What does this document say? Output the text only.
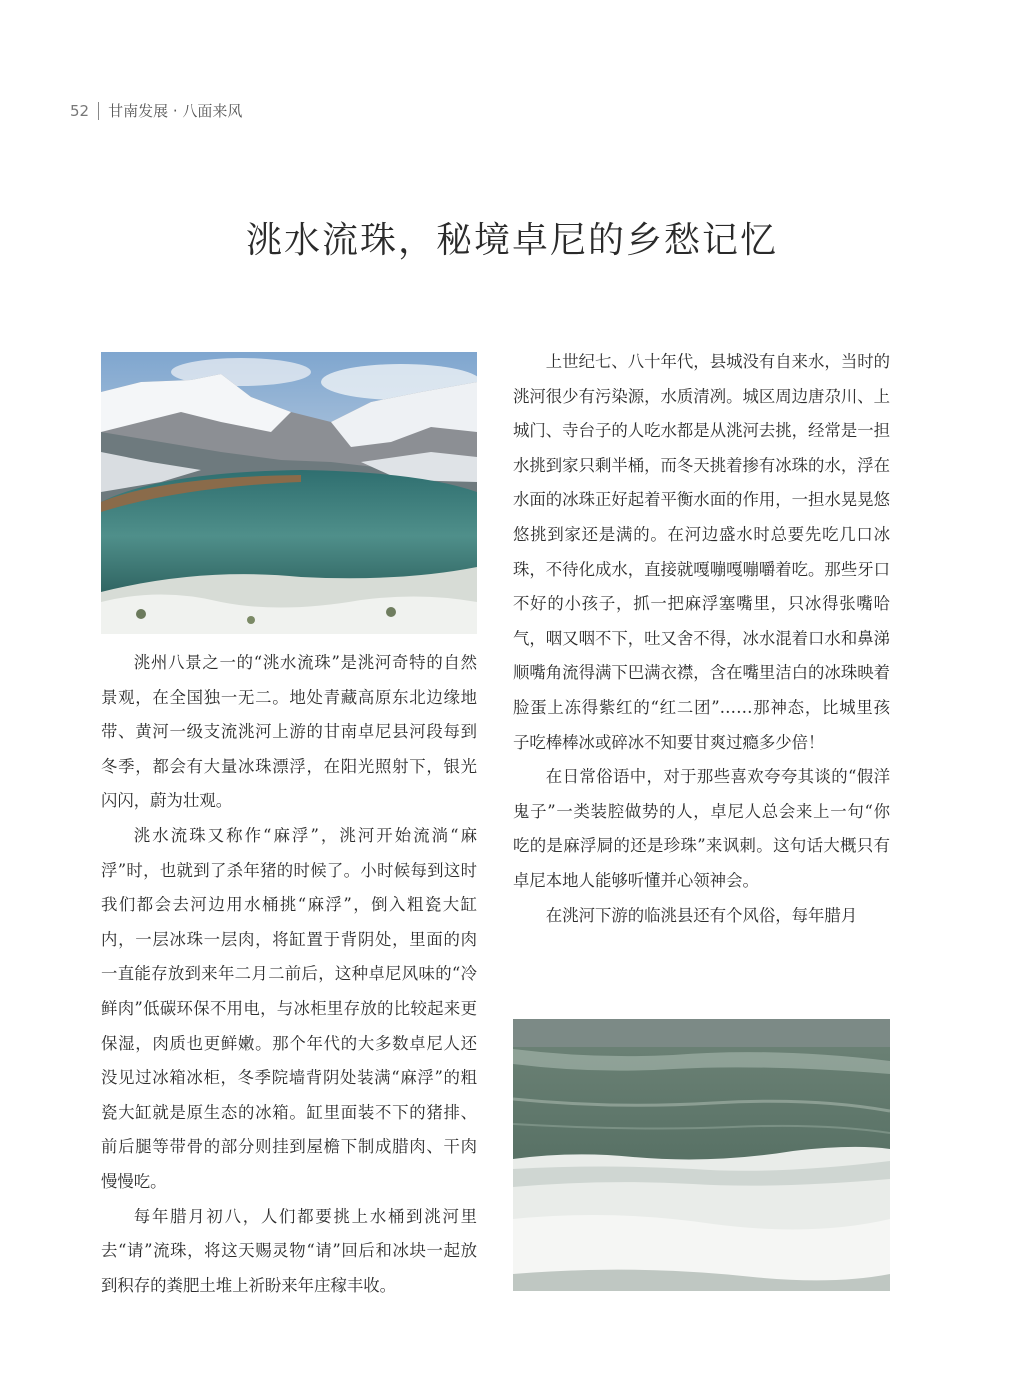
52 甘南发展 · 八面来风
洮水流珠，秘境卓尼的乡愁记忆

洮州八景之一的“洮水流珠”是洮河奇特的自然景观，在全国独一无二。地处青藏高原东北边缘地带、黄河一级支流洮河上游的甘南卓尼县河段每到冬季，都会有大量冰珠漂浮，在阳光照射下，银光闪闪，蔚为壮观。

洮水流珠又称作“麻浮”，洮河开始流淌“麻浮”时，也就到了杀年猪的时候了。小时候每到这时我们都会去河边用水桶挑“麻浮”，倒入粗瓷大缸内，一层冰珠一层肉，将缸置于背阴处，里面的肉一直能存放到来年二月二前后，这种卓尼风味的“冷鲜肉”低碳环保不用电，与冰柜里存放的比较起来更保湿，肉质也更鲜嫩。那个年代的大多数卓尼人还没见过冰箱冰柜，冬季院墙背阴处装满“麻浮”的粗瓷大缸就是原生态的冰箱。缸里面装不下的猪排、前后腿等带骨的部分则挂到屋檐下制成腊肉、干肉慢慢吃。

每年腊月初八，人们都要挑上水桶到洮河里去“请”流珠，将这天赐灵物“请”回后和冰块一起放到积存的粪肥土堆上祈盼来年庄稼丰收。

上世纪七、八十年代，县城没有自来水，当时的洮河很少有污染源，水质清冽。城区周边唐尕川、上城门、寺台子的人吃水都是从洮河去挑，经常是一担水挑到家只剩半桶，而冬天挑着掺有冰珠的水，浮在水面的冰珠正好起着平衡水面的作用，一担水晃晃悠悠挑到家还是满的。在河边盛水时总要先吃几口冰珠，不待化成水，直接就嘎嘣嘎嘣嚼着吃。那些牙口不好的小孩子，抓一把麻浮塞嘴里，只冰得张嘴哈气，咽又咽不下，吐又舍不得，冰水混着口水和鼻涕顺嘴角流得满下巴满衣襟，含在嘴里洁白的冰珠映着脸蛋上冻得紫红的“红二团”……那神态，比城里孩子吃棒棒冰或碎冰不知要甘爽过瘾多少倍！

在日常俗语中，对于那些喜欢夸夸其谈的“假洋鬼子”一类装腔做势的人，卓尼人总会来上一句“你吃的是麻浮屙的还是珍珠”来讽刺。这句话大概只有卓尼本地人能够听懂并心领神会。

在洮河下游的临洮县还有个风俗，每年腊月
